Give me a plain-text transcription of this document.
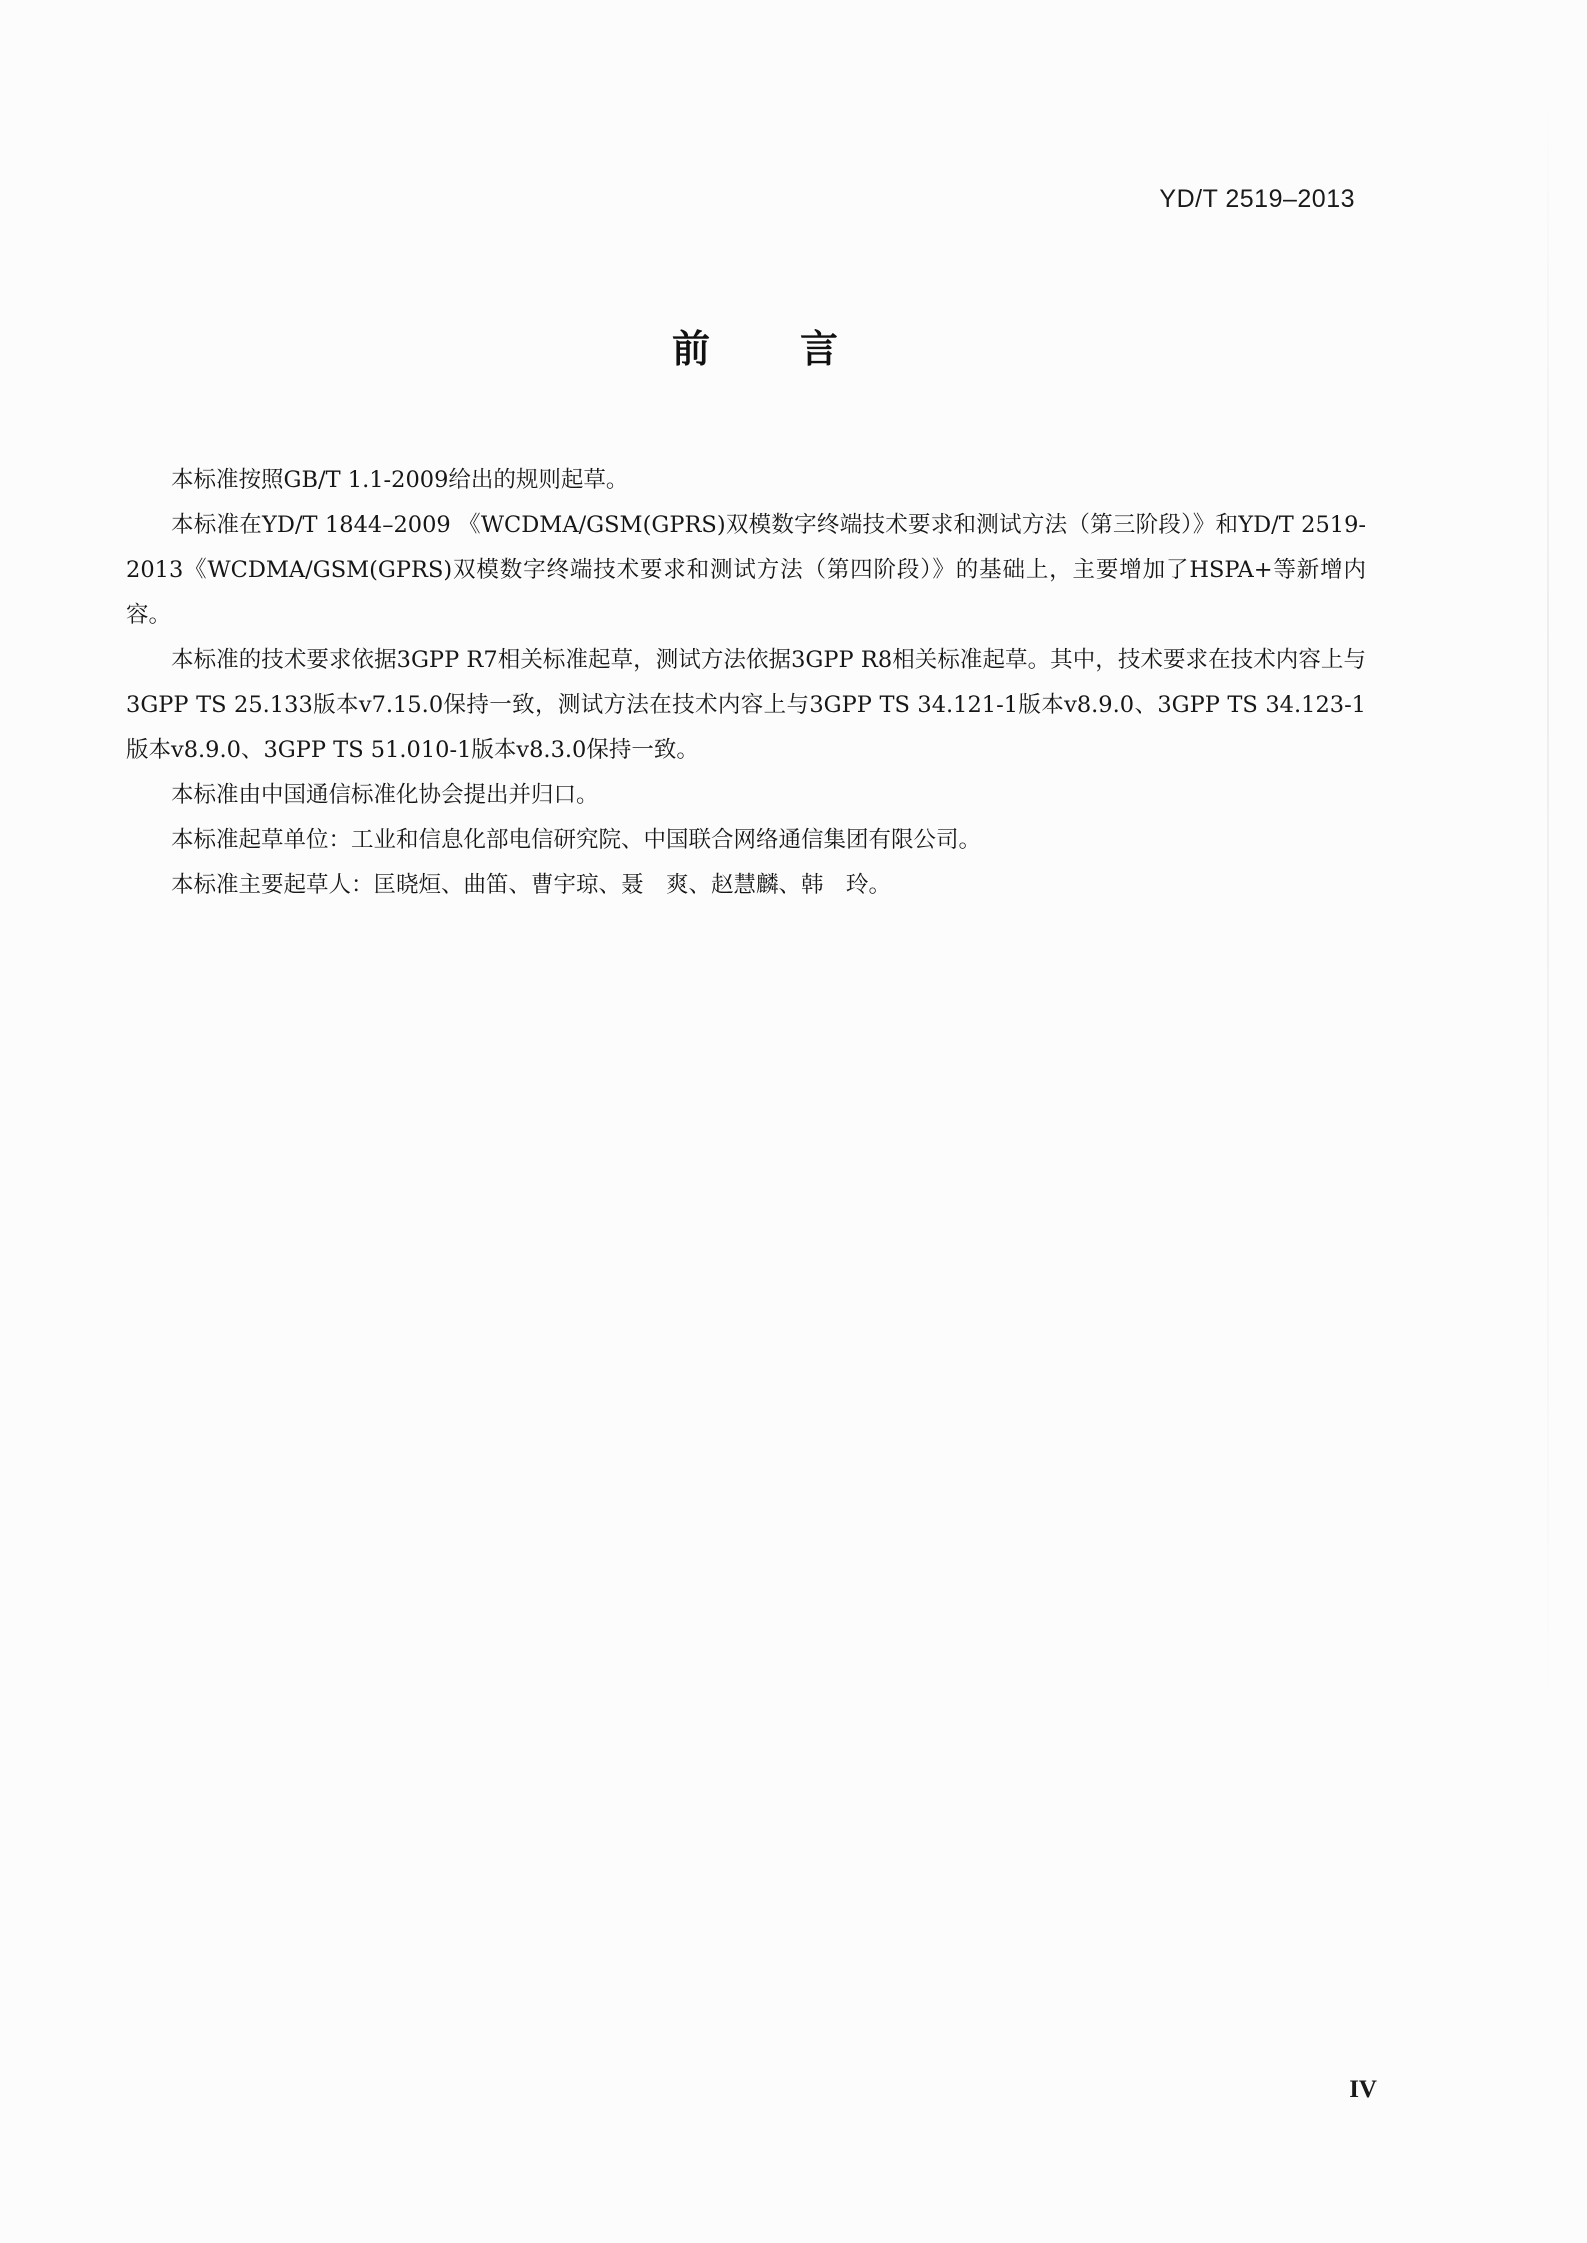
YD/T 2519–2013
前言

本标准按照GB/T 1.1-2009给出的规则起草。

本标准在YD/T 1844–2009 《WCDMA/GSM(GPRS)双模数字终端技术要求和测试方法（第三阶段）》和YD/T 2519-2013《WCDMA/GSM(GPRS)双模数字终端技术要求和测试方法（第四阶段）》的基础上，主要增加了HSPA+等新增内容。

本标准的技术要求依据3GPP R7相关标准起草，测试方法依据3GPP R8相关标准起草。其中，技术要求在技术内容上与3GPP TS 25.133版本v7.15.0保持一致，测试方法在技术内容上与3GPP TS 34.121-1版本v8.9.0、3GPP TS 34.123-1版本v8.9.0、3GPP TS 51.010-1版本v8.3.0保持一致。

本标准由中国通信标准化协会提出并归口。

本标准起草单位：工业和信息化部电信研究院、中国联合网络通信集团有限公司。

本标准主要起草人：匡晓烜、曲笛、曹宇琼、聂　爽、赵慧麟、韩　玲。

IV
